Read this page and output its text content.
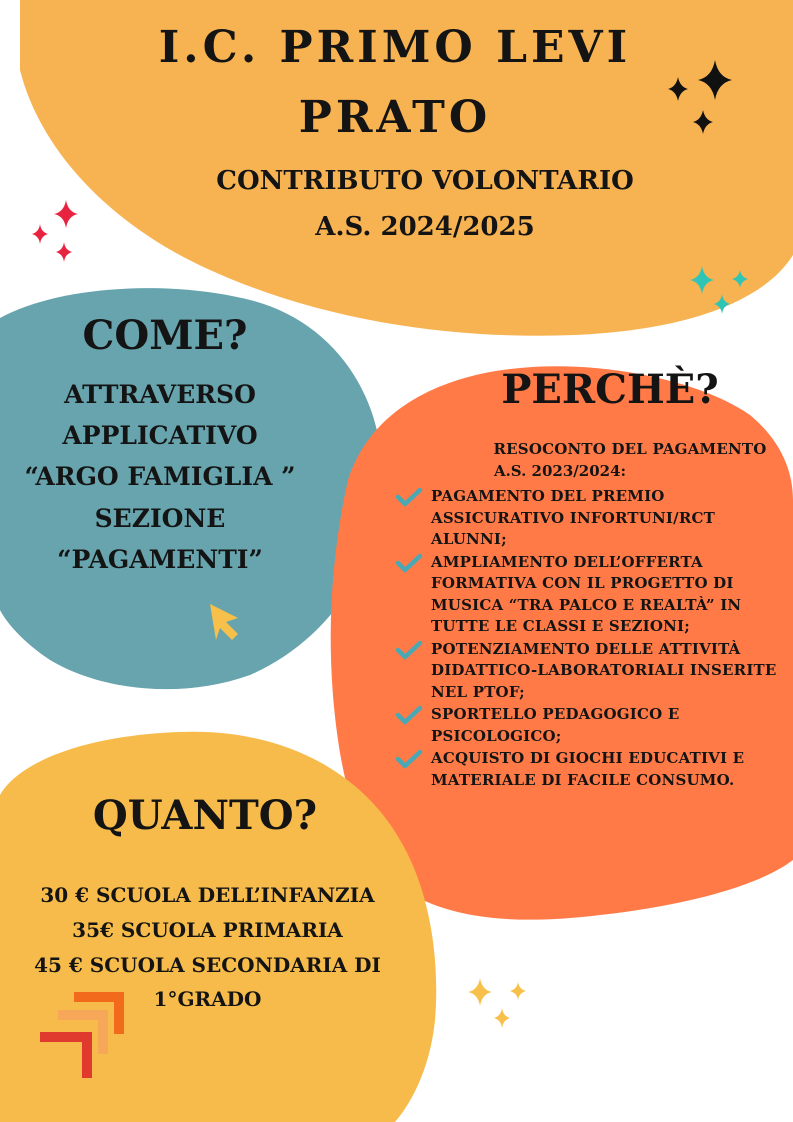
I.C. PRIMO LEVI
PRATO
CONTRIBUTO VOLONTARIO
A.S. 2024/2025
COME?
ATTRAVERSO
APPLICATIVO
“ARGO FAMIGLIA ”
SEZIONE
“PAGAMENTI”
PERCHÈ?
RESOCONTO DEL PAGAMENTO
A.S. 2023/2024:
PAGAMENTO DEL PREMIO ASSICURATIVO INFORTUNI/RCT ALUNNI;
AMPLIAMENTO DELL’OFFERTA FORMATIVA CON IL PROGETTO DI MUSICA “TRA PALCO E REALTÀ” IN TUTTE LE CLASSI E SEZIONI;
POTENZIAMENTO DELLE ATTIVITÀ DIDATTICO-LABORATORIALI INSERITE NEL PTOF;
SPORTELLO PEDAGOGICO E PSICOLOGICO;
ACQUISTO DI GIOCHI EDUCATIVI E MATERIALE DI FACILE CONSUMO.
QUANTO?
30 € SCUOLA DELL’INFANZIA
35€ SCUOLA PRIMARIA
45 € SCUOLA SECONDARIA DI
1°GRADO
